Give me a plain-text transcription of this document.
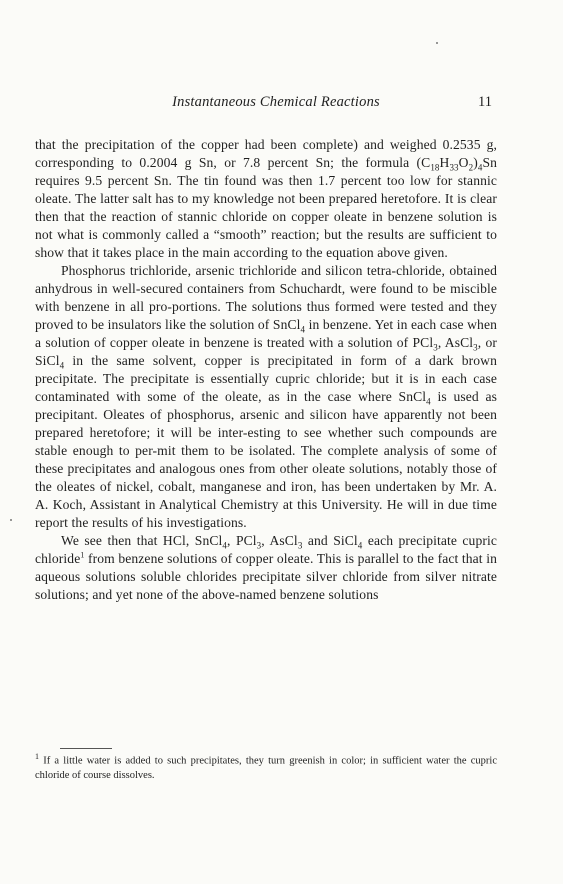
Instantaneous Chemical Reactions	11

that the precipitation of the copper had been complete) and weighed 0.2535 g, corresponding to 0.2004 g Sn, or 7.8 percent Sn; the formula $(C_{18}H_{33}O_2)_4Sn$ requires 9.5 percent Sn. The tin found was then 1.7 percent too low for stannic oleate. The latter salt has to my knowledge not been prepared heretofore. It is clear then that the reaction of stannic chloride on copper oleate in benzene solution is not what is commonly called a “smooth” reaction; but the results are sufficient to show that it takes place in the main according to the equation above given.

Phosphorus trichloride, arsenic trichloride and silicon tetra-chloride, obtained anhydrous in well-secured containers from Schuchardt, were found to be miscible with benzene in all pro-portions. The solutions thus formed were tested and they proved to be insulators like the solution of SnCl$_4$ in benzene. Yet in each case when a solution of copper oleate in benzene is treated with a solution of PCl$_3$, AsCl$_3$, or SiCl$_4$ in the same solvent, copper is precipitated in form of a dark brown precipitate. The precipitate is essentially cupric chloride; but it is in each case contaminated with some of the oleate, as in the case where SnCl$_4$ is used as precipitant. Oleates of phosphorus, arsenic and silicon have apparently not been prepared heretofore; it will be inter-esting to see whether such compounds are stable enough to per-mit them to be isolated. The complete analysis of some of these precipitates and analogous ones from other oleate solutions, notably those of the oleates of nickel, cobalt, manganese and iron, has been undertaken by Mr. A. A. Koch, Assistant in Analytical Chemistry at this University. He will in due time report the results of his investigations.

We see then that HCl, SnCl$_4$, PCl$_3$, AsCl$_3$ and SiCl$_4$ each precipitate cupric chloride$^1$ from benzene solutions of copper oleate. This is parallel to the fact that in aqueous solutions soluble chlorides precipitate silver chloride from silver nitrate solutions; and yet none of the above-named benzene solutions

$^1$ If a little water is added to such precipitates, they turn greenish in color; in sufficient water the cupric chloride of course dissolves.
